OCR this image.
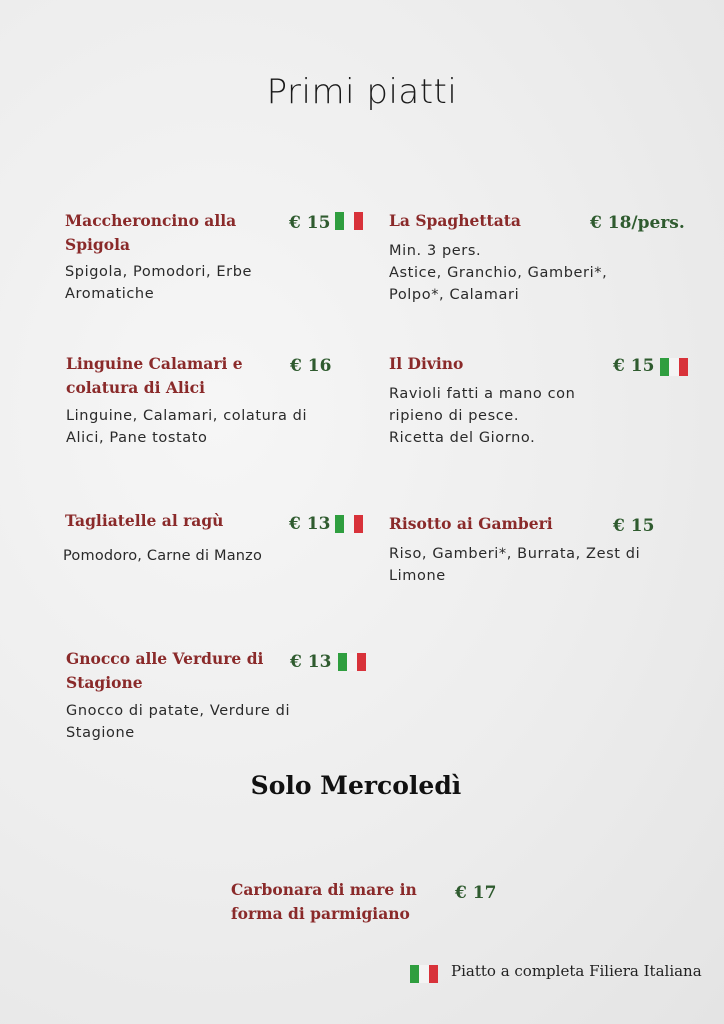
Primi piatti
Maccheroncino alla Spigola
€ 15
Spigola, Pomodori, Erbe Aromatiche
La Spaghettata	€ 18/pers.
Min. 3 pers.
Astice, Granchio, Gamberi*, Polpo*, Calamari
Linguine Calamari e colatura di Alici
€ 16
Linguine, Calamari, colatura di Alici, Pane tostato
Il Divino	€ 15
Ravioli fatti a mano con ripieno di pesce.
Ricetta del Giorno.
Tagliatelle al ragù	€ 13
Pomodoro, Carne di Manzo
Risotto ai Gamberi	€ 15
Riso, Gamberi*, Burrata, Zest di Limone
Gnocco alle Verdure di Stagione
€ 13
Gnocco di patate, Verdure di Stagione
Solo Mercoledì
Carbonara di mare in forma di parmigiano
€ 17
Piatto a completa Filiera Italiana
